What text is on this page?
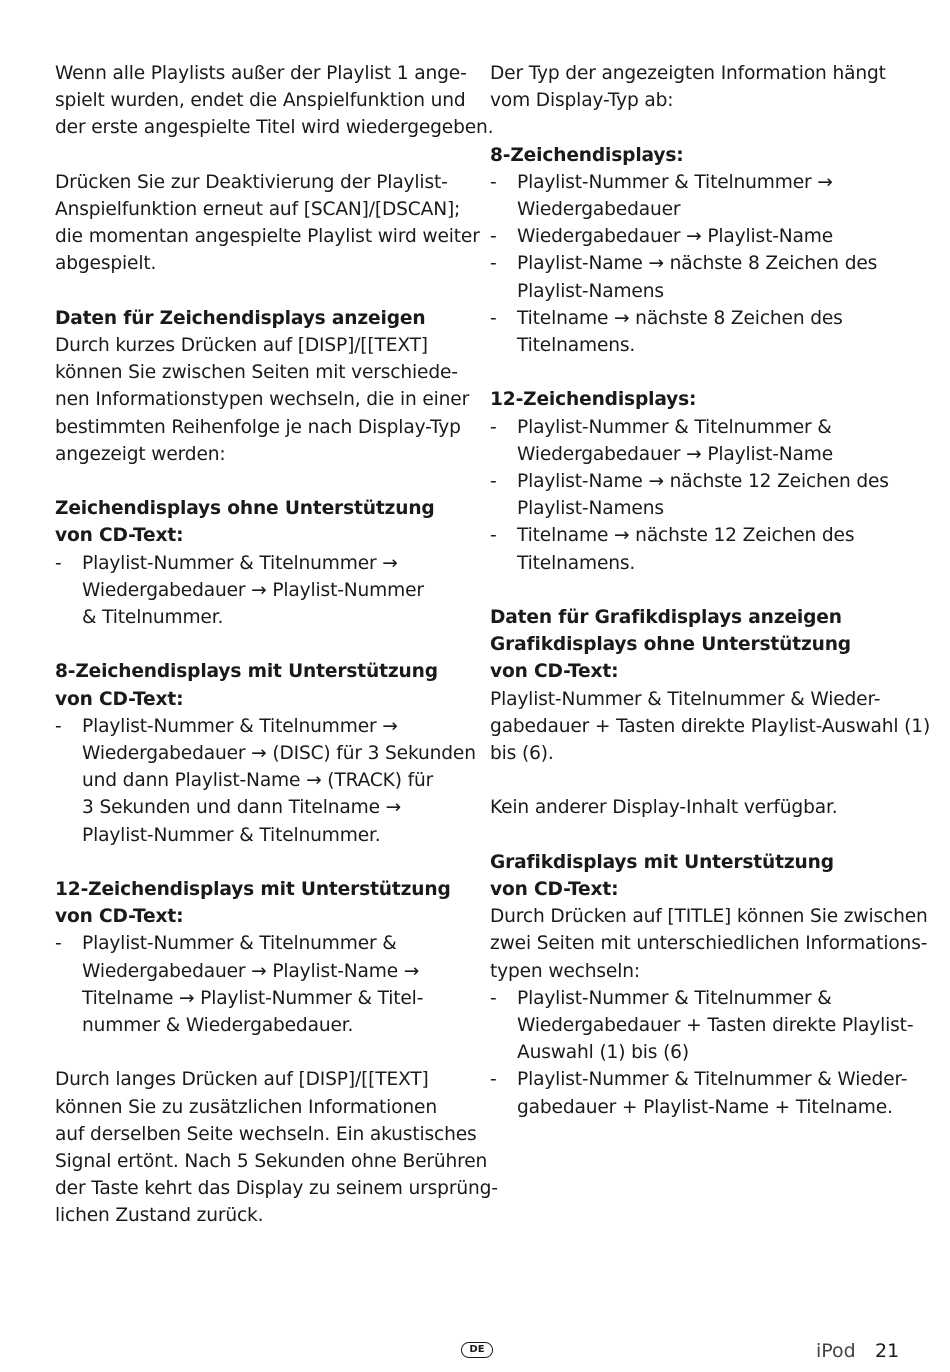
Wenn alle Playlists außer der Playlist 1 ange-
spielt wurden, endet die Anspielfunktion und
der erste angespielte Titel wird wiedergegeben.
Drücken Sie zur Deaktivierung der Playlist-
Anspielfunktion erneut auf [SCAN]/[DSCAN];
die momentan angespielte Playlist wird weiter
abgespielt.
Daten für Zeichendisplays anzeigen
Durch kurzes Drücken auf [DISP]/[[TEXT]
können Sie zwischen Seiten mit verschiede-
nen Informationstypen wechseln, die in einer
bestimmten Reihenfolge je nach Display-Typ
angezeigt werden:
Zeichendisplays ohne Unterstützung
von CD-Text:
- Playlist-Nummer & Titelnummer →
Wiedergabedauer → Playlist-Nummer
& Titelnummer.
8-Zeichendisplays mit Unterstützung
von CD-Text:
- Playlist-Nummer & Titelnummer →
Wiedergabedauer → (DISC) für 3 Sekunden
und dann Playlist-Name → (TRACK) für
3 Sekunden und dann Titelname →
Playlist-Nummer & Titelnummer.
12-Zeichendisplays mit Unterstützung
von CD-Text:
- Playlist-Nummer & Titelnummer &
Wiedergabedauer → Playlist-Name →
Titelname → Playlist-Nummer & Titel-
nummer & Wiedergabedauer.
Durch langes Drücken auf [DISP]/[[TEXT]
können Sie zu zusätzlichen Informationen
auf derselben Seite wechseln. Ein akustisches
Signal ertönt. Nach 5 Sekunden ohne Berühren
der Taste kehrt das Display zu seinem ursprüng-
lichen Zustand zurück.
Der Typ der angezeigten Information hängt
vom Display-Typ ab:
8-Zeichendisplays:
- Playlist-Nummer & Titelnummer →
Wiedergabedauer
- Wiedergabedauer → Playlist-Name
- Playlist-Name → nächste 8 Zeichen des
Playlist-Namens
- Titelname → nächste 8 Zeichen des
Titelnamens.
12-Zeichendisplays:
- Playlist-Nummer & Titelnummer &
Wiedergabedauer → Playlist-Name
- Playlist-Name → nächste 12 Zeichen des
Playlist-Namens
- Titelname → nächste 12 Zeichen des
Titelnamens.
Daten für Grafikdisplays anzeigen
Grafikdisplays ohne Unterstützung
von CD-Text:
Playlist-Nummer & Titelnummer & Wieder-
gabedauer + Tasten direkte Playlist-Auswahl (1)
bis (6).
Kein anderer Display-Inhalt verfügbar.
Grafikdisplays mit Unterstützung
von CD-Text:
Durch Drücken auf [TITLE] können Sie zwischen
zwei Seiten mit unterschiedlichen Informations-
typen wechseln:
- Playlist-Nummer & Titelnummer &
Wiedergabedauer + Tasten direkte Playlist-
Auswahl (1) bis (6)
- Playlist-Nummer & Titelnummer & Wieder-
gabedauer + Playlist-Name + Titelname.
DE	iPod 21
